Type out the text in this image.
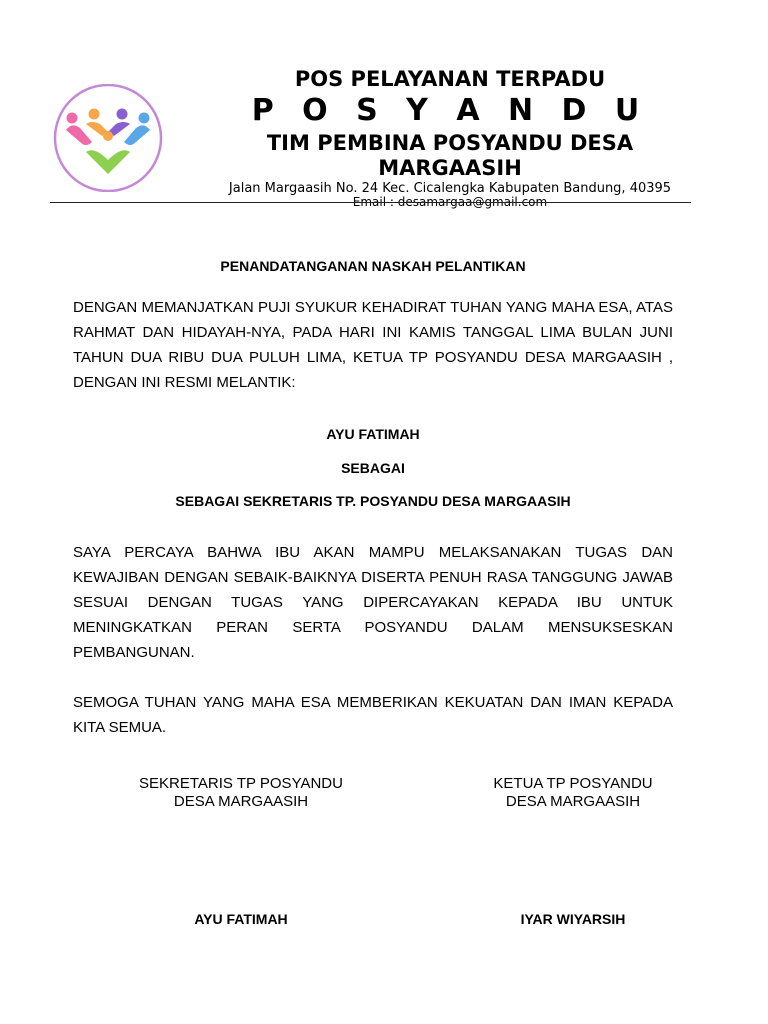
POS PELAYANAN TERPADU
P O S Y A N D U
TIM PEMBINA POSYANDU DESA MARGAASIH
Jalan Margaasih No. 24 Kec. Cicalengka Kabupaten Bandung, 40395
Email : desamargaa@gmail.com
PENANDATANGANAN NASKAH PELANTIKAN
DENGAN MEMANJATKAN PUJI SYUKUR KEHADIRAT TUHAN YANG MAHA ESA, ATAS RAHMAT DAN HIDAYAH-NYA, PADA HARI INI KAMIS TANGGAL LIMA BULAN JUNI TAHUN DUA RIBU DUA PULUH LIMA, KETUA TP POSYANDU DESA MARGAASIH , DENGAN INI RESMI MELANTIK:
AYU FATIMAH
SEBAGAI
SEBAGAI SEKRETARIS TP. POSYANDU DESA MARGAASIH
SAYA PERCAYA BAHWA IBU AKAN MAMPU MELAKSANAKAN TUGAS DAN KEWAJIBAN DENGAN SEBAIK-BAIKNYA DISERTA PENUH RASA TANGGUNG JAWAB SESUAI DENGAN TUGAS YANG DIPERCAYAKAN KEPADA IBU UNTUK MENINGKATKAN PERAN SERTA POSYANDU DALAM MENSUKSESKAN PEMBANGUNAN.
SEMOGA TUHAN YANG MAHA ESA MEMBERIKAN KEKUATAN DAN IMAN KEPADA KITA SEMUA.
SEKRETARIS TP POSYANDU
DESA MARGAASIH
KETUA TP POSYANDU
DESA MARGAASIH
AYU FATIMAH	IYAR WIYARSIH
